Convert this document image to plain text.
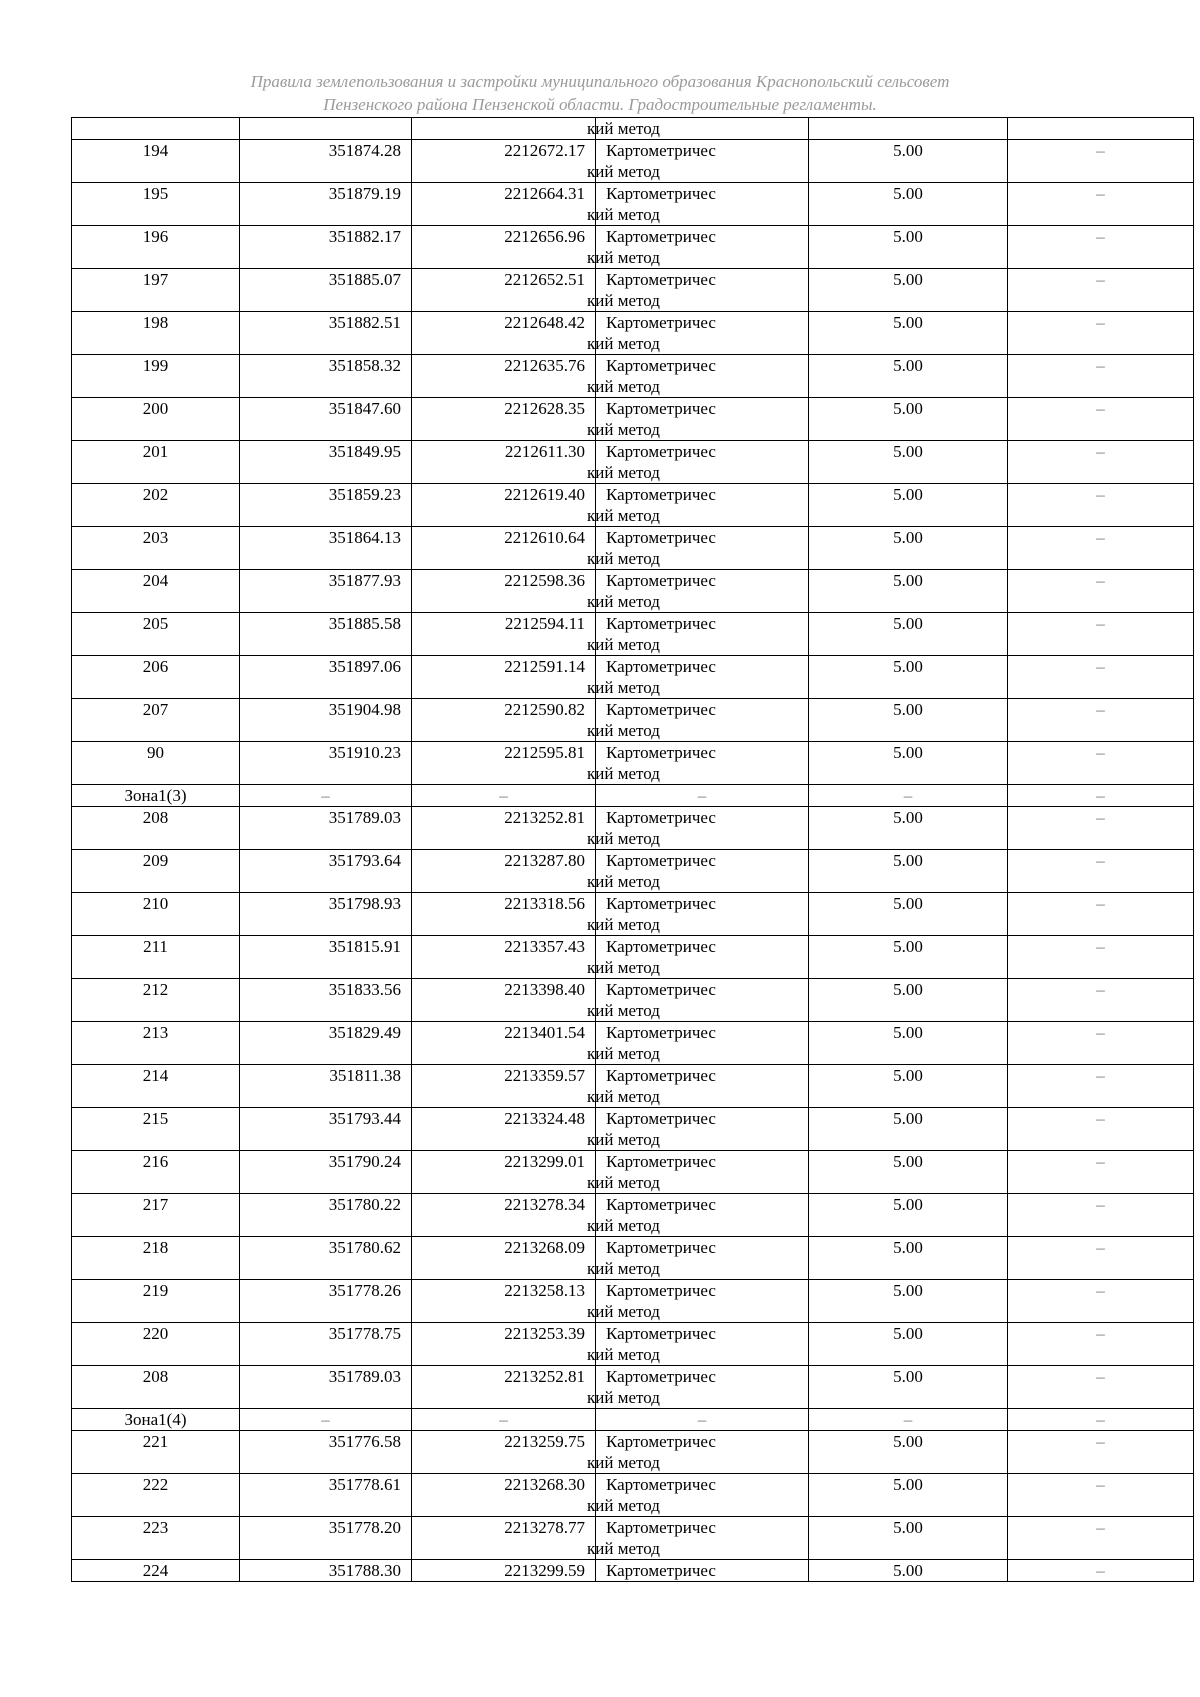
Правила землепользования и застройки муниципального образования Краснопольский сельсовет
Пензенского района Пензенской области. Градостроительные регламенты.

			кий метод		

194	351874.28	2212672.17	Картометричес
кий метод	5.00	–
195	351879.19	2212664.31	Картометричес
кий метод	5.00	–
196	351882.17	2212656.96	Картометричес
кий метод	5.00	–
197	351885.07	2212652.51	Картометричес
кий метод	5.00	–
198	351882.51	2212648.42	Картометричес
кий метод	5.00	–
199	351858.32	2212635.76	Картометричес
кий метод	5.00	–
200	351847.60	2212628.35	Картометричес
кий метод	5.00	–
201	351849.95	2212611.30	Картометричес
кий метод	5.00	–
202	351859.23	2212619.40	Картометричес
кий метод	5.00	–
203	351864.13	2212610.64	Картометричес
кий метод	5.00	–
204	351877.93	2212598.36	Картометричес
кий метод	5.00	–
205	351885.58	2212594.11	Картометричес
кий метод	5.00	–
206	351897.06	2212591.14	Картометричес
кий метод	5.00	–
207	351904.98	2212590.82	Картометричес
кий метод	5.00	–
90	351910.23	2212595.81	Картометричес
кий метод	5.00	–
Зона1(3)	–	–	–	–	–
208	351789.03	2213252.81	Картометричес
кий метод	5.00	–
209	351793.64	2213287.80	Картометричес
кий метод	5.00	–
210	351798.93	2213318.56	Картометричес
кий метод	5.00	–
211	351815.91	2213357.43	Картометричес
кий метод	5.00	–
212	351833.56	2213398.40	Картометричес
кий метод	5.00	–
213	351829.49	2213401.54	Картометричес
кий метод	5.00	–
214	351811.38	2213359.57	Картометричес
кий метод	5.00	–
215	351793.44	2213324.48	Картометричес
кий метод	5.00	–
216	351790.24	2213299.01	Картометричес
кий метод	5.00	–
217	351780.22	2213278.34	Картометричес
кий метод	5.00	–
218	351780.62	2213268.09	Картометричес
кий метод	5.00	–
219	351778.26	2213258.13	Картометричес
кий метод	5.00	–
220	351778.75	2213253.39	Картометричес
кий метод	5.00	–
208	351789.03	2213252.81	Картометричес
кий метод	5.00	–
Зона1(4)	–	–	–	–	–
221	351776.58	2213259.75	Картометричес
кий метод	5.00	–
222	351778.61	2213268.30	Картометричес
кий метод	5.00	–
223	351778.20	2213278.77	Картометричес
кий метод	5.00	–
224	351788.30	2213299.59	Картометричес	5.00	–
